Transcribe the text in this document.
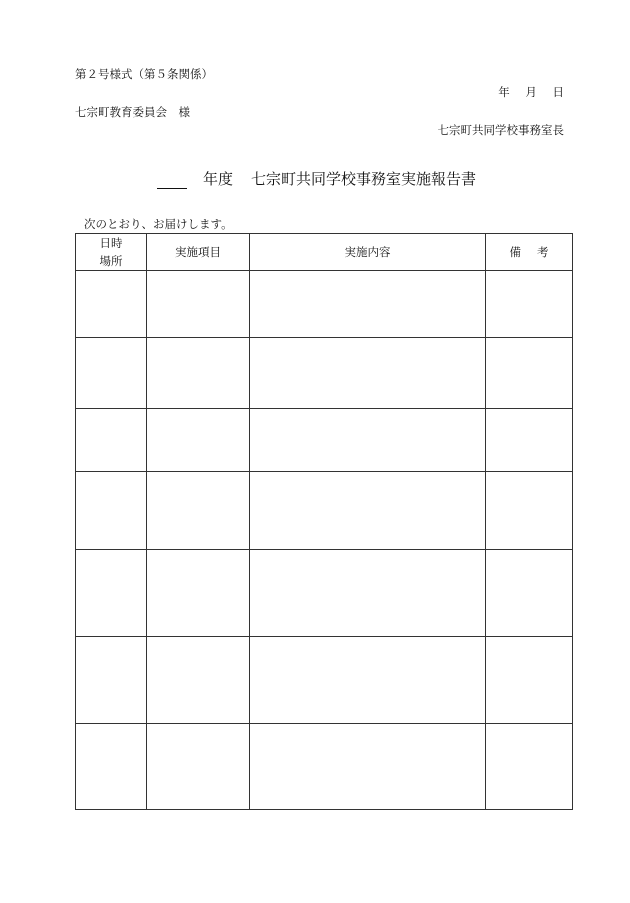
第２号様式（第５条関係）
年 月 日
七宗町教育委員会　様
七宗町共同学校事務室長
年度 七宗町共同学校事務室実施報告書
次のとおり、お届けします。
日時
場所	実施項目	実施内容	備 考
